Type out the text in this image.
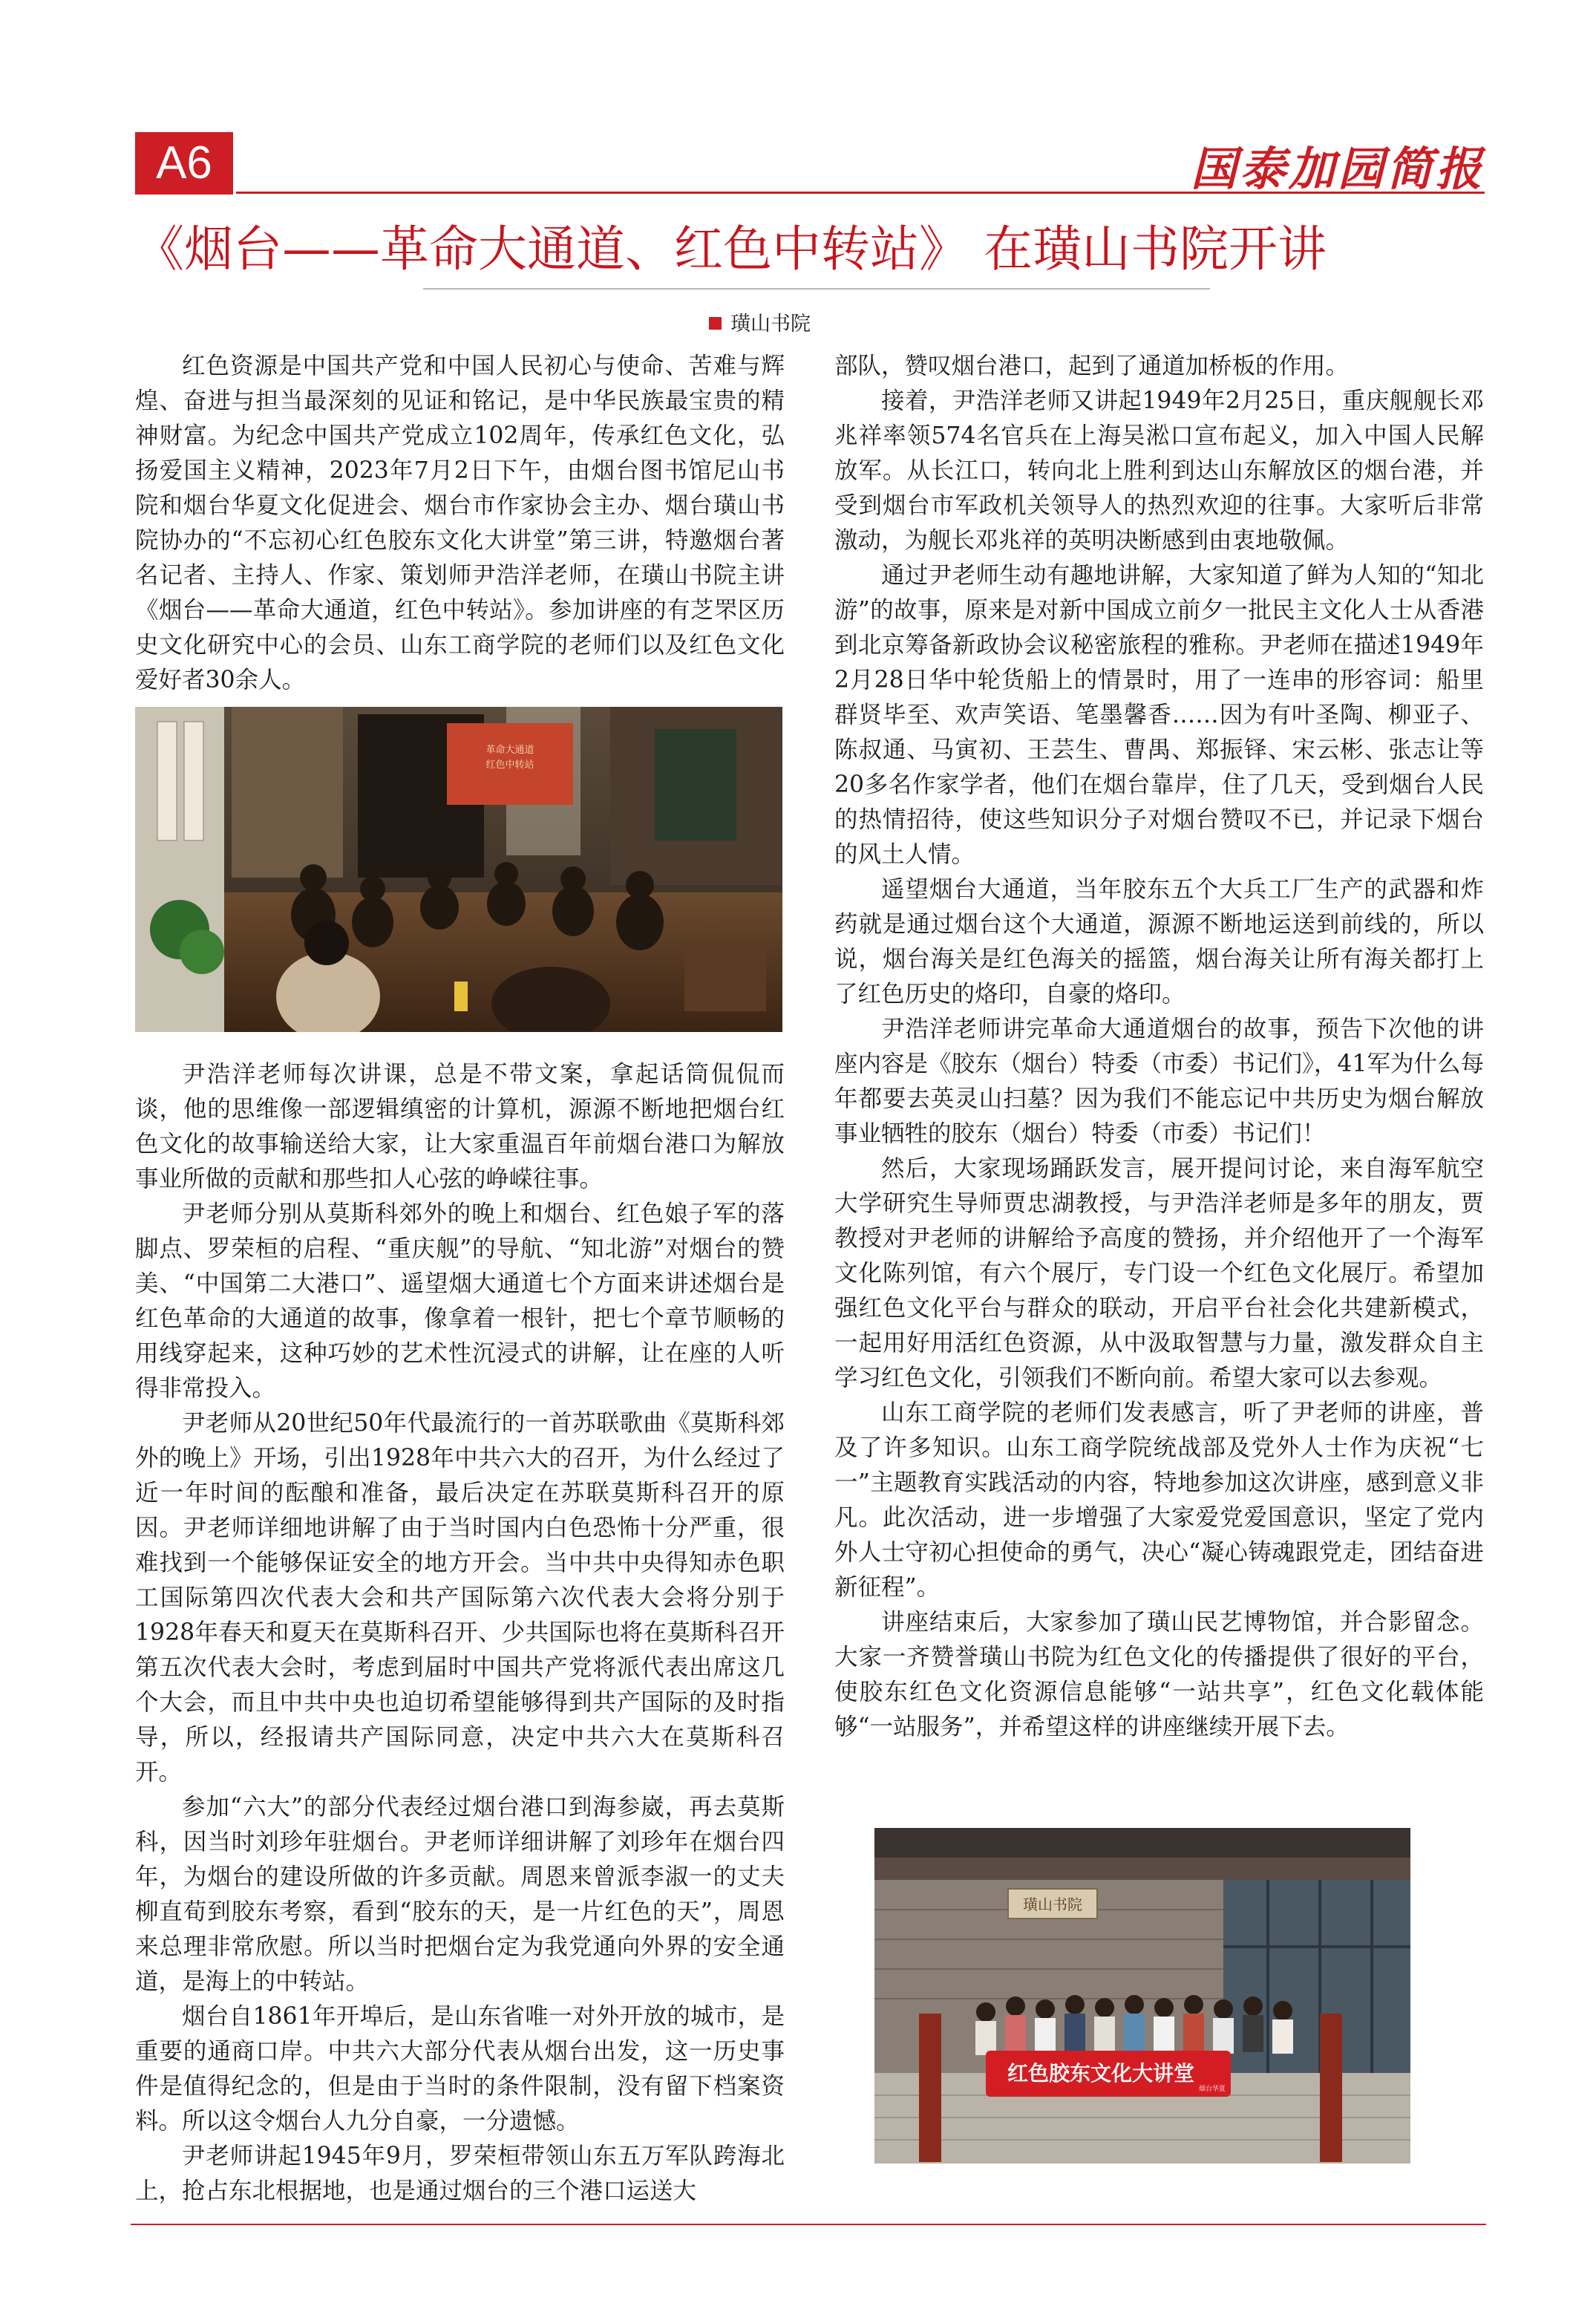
A6	国泰加园简报
《烟台——革命大通道、红色中转站》 在璜山书院开讲
璜山书院

红色资源是中国共产党和中国人民初心与使命、苦难与辉煌、奋进与担当最深刻的见证和铭记，是中华民族最宝贵的精神财富。为纪念中国共产党成立102周年，传承红色文化，弘扬爱国主义精神，2023年7月2日下午，由烟台图书馆尼山书院和烟台华夏文化促进会、烟台市作家协会主办、烟台璜山书院协办的“不忘初心红色胶东文化大讲堂”第三讲，特邀烟台著名记者、主持人、作家、策划师尹浩洋老师，在璜山书院主讲《烟台——革命大通道，红色中转站》。参加讲座的有芝罘区历史文化研究中心的会员、山东工商学院的老师们以及红色文化爱好者30余人。

革命大通道
红色中转站

尹浩洋老师每次讲课，总是不带文案，拿起话筒侃侃而谈，他的思维像一部逻辑缜密的计算机，源源不断地把烟台红色文化的故事输送给大家，让大家重温百年前烟台港口为解放事业所做的贡献和那些扣人心弦的峥嵘往事。

尹老师分别从莫斯科郊外的晚上和烟台、红色娘子军的落脚点、罗荣桓的启程、“重庆舰”的导航、“知北游”对烟台的赞美、“中国第二大港口”、遥望烟大通道七个方面来讲述烟台是红色革命的大通道的故事，像拿着一根针，把七个章节顺畅的用线穿起来，这种巧妙的艺术性沉浸式的讲解，让在座的人听得非常投入。

尹老师从20世纪50年代最流行的一首苏联歌曲《莫斯科郊外的晚上》开场，引出1928年中共六大的召开，为什么经过了近一年时间的酝酿和准备，最后决定在苏联莫斯科召开的原因。尹老师详细地讲解了由于当时国内白色恐怖十分严重，很难找到一个能够保证安全的地方开会。当中共中央得知赤色职工国际第四次代表大会和共产国际第六次代表大会将分别于1928年春天和夏天在莫斯科召开、少共国际也将在莫斯科召开第五次代表大会时，考虑到届时中国共产党将派代表出席这几个大会，而且中共中央也迫切希望能够得到共产国际的及时指导，所以，经报请共产国际同意，决定中共六大在莫斯科召开。

参加“六大”的部分代表经过烟台港口到海参崴，再去莫斯科，因当时刘珍年驻烟台。尹老师详细讲解了刘珍年在烟台四年，为烟台的建设所做的许多贡献。周恩来曾派李淑一的丈夫柳直荀到胶东考察，看到“胶东的天，是一片红色的天”，周恩来总理非常欣慰。所以当时把烟台定为我党通向外界的安全通道，是海上的中转站。

烟台自1861年开埠后，是山东省唯一对外开放的城市，是重要的通商口岸。中共六大部分代表从烟台出发，这一历史事件是值得纪念的，但是由于当时的条件限制，没有留下档案资料。所以这令烟台人九分自豪，一分遗憾。

尹老师讲起1945年9月，罗荣桓带领山东五万军队跨海北上，抢占东北根据地，也是通过烟台的三个港口运送大

部队，赞叹烟台港口，起到了通道加桥板的作用。

接着，尹浩洋老师又讲起1949年2月25日，重庆舰舰长邓兆祥率领574名官兵在上海吴淞口宣布起义，加入中国人民解放军。从长江口，转向北上胜利到达山东解放区的烟台港，并受到烟台市军政机关领导人的热烈欢迎的往事。大家听后非常激动，为舰长邓兆祥的英明决断感到由衷地敬佩。

通过尹老师生动有趣地讲解，大家知道了鲜为人知的“知北游”的故事，原来是对新中国成立前夕一批民主文化人士从香港到北京筹备新政协会议秘密旅程的雅称。尹老师在描述1949年2月28日华中轮货船上的情景时，用了一连串的形容词：船里群贤毕至、欢声笑语、笔墨馨香……因为有叶圣陶、柳亚子、陈叔通、马寅初、王芸生、曹禺、郑振铎、宋云彬、张志让等20多名作家学者，他们在烟台靠岸，住了几天，受到烟台人民的热情招待，使这些知识分子对烟台赞叹不已，并记录下烟台的风土人情。

遥望烟台大通道，当年胶东五个大兵工厂生产的武器和炸药就是通过烟台这个大通道，源源不断地运送到前线的，所以说，烟台海关是红色海关的摇篮，烟台海关让所有海关都打上了红色历史的烙印，自豪的烙印。

尹浩洋老师讲完革命大通道烟台的故事，预告下次他的讲座内容是《胶东（烟台）特委（市委）书记们》，41军为什么每年都要去英灵山扫墓？因为我们不能忘记中共历史为烟台解放事业牺牲的胶东（烟台）特委（市委）书记们！

然后，大家现场踊跃发言，展开提问讨论，来自海军航空大学研究生导师贾忠湖教授，与尹浩洋老师是多年的朋友，贾教授对尹老师的讲解给予高度的赞扬，并介绍他开了一个海军文化陈列馆，有六个展厅，专门设一个红色文化展厅。希望加强红色文化平台与群众的联动，开启平台社会化共建新模式，一起用好用活红色资源，从中汲取智慧与力量，激发群众自主学习红色文化，引领我们不断向前。希望大家可以去参观。

山东工商学院的老师们发表感言，听了尹老师的讲座，普及了许多知识。山东工商学院统战部及党外人士作为庆祝“七一”主题教育实践活动的内容，特地参加这次讲座，感到意义非凡。此次活动，进一步增强了大家爱党爱国意识，坚定了党内外人士守初心担使命的勇气，决心“凝心铸魂跟党走，团结奋进新征程”。

讲座结束后，大家参加了璜山民艺博物馆，并合影留念。大家一齐赞誉璜山书院为红色文化的传播提供了很好的平台，使胶东红色文化资源信息能够“一站共享”，红色文化载体能够“一站服务”，并希望这样的讲座继续开展下去。

璜山书院
红色胶东文化大讲堂
烟台华夏
